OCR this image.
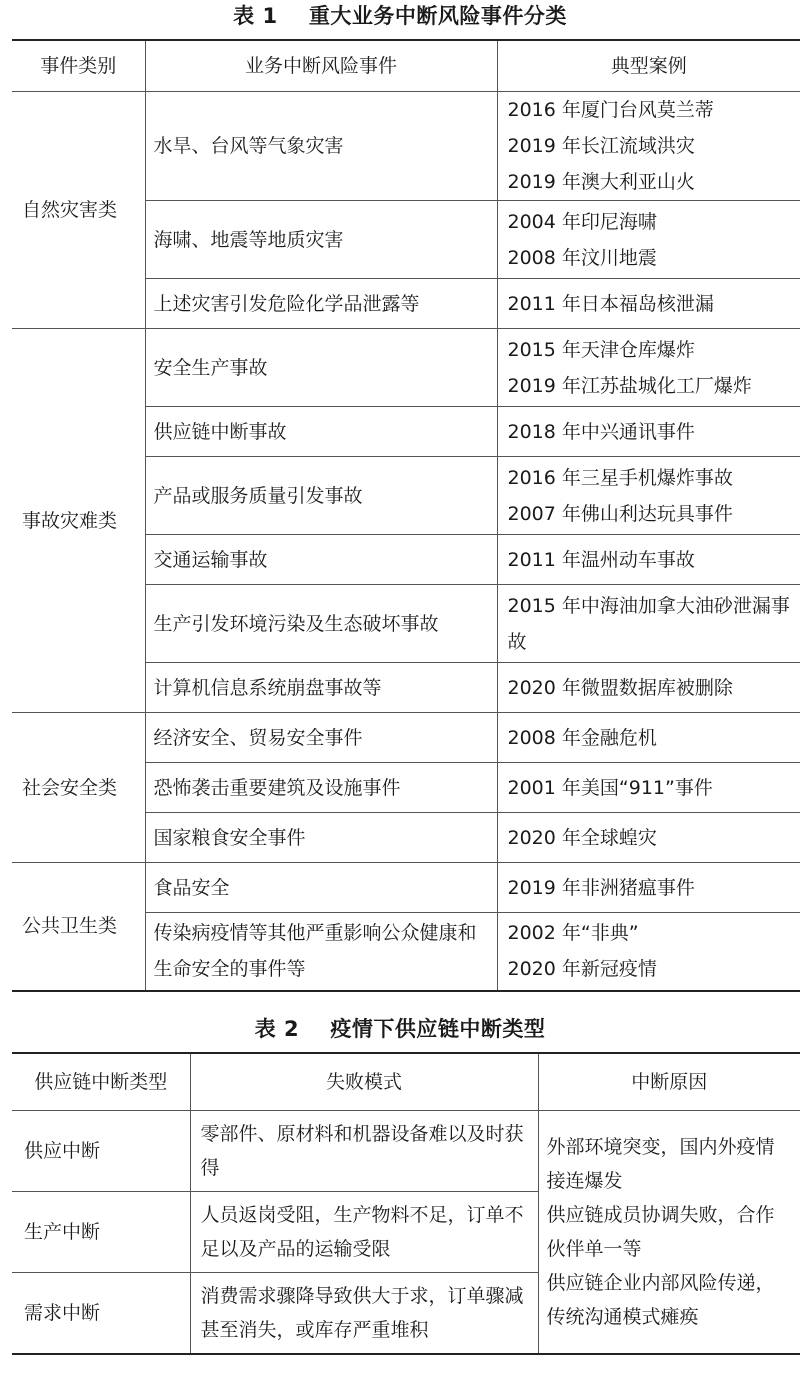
表 1    重大业务中断风险事件分类
事件类别	业务中断风险事件	典型案例
自然灾害类	水旱、台风等气象灾害	2016 年厦门台风莫兰蒂
2019 年长江流域洪灾
2019 年澳大利亚山火

	海啸、地震等地质灾害	2004 年印尼海啸
2008 年汶川地震

	上述灾害引发危险化学品泄露等	2011 年日本福岛核泄漏
事故灾难类	安全生产事故	2015 年天津仓库爆炸
2019 年江苏盐城化工厂爆炸

	供应链中断事故	2018 年中兴通讯事件
	产品或服务质量引发事故	2016 年三星手机爆炸事故
2007 年佛山利达玩具事件

	交通运输事故	2011 年温州动车事故
	生产引发环境污染及生态破坏事故	2015 年中海油加拿大油砂泄漏事故
	计算机信息系统崩盘事故等	2020 年微盟数据库被删除
社会安全类	经济安全、贸易安全事件	2008 年金融危机
	恐怖袭击重要建筑及设施事件	2001 年美国“911”事件
	国家粮食安全事件	2020 年全球蝗灾
公共卫生类	食品安全	2019 年非洲猪瘟事件
	传染病疫情等其他严重影响公众健康和生命安全的事件等	2002 年“非典”
2020 年新冠疫情
表 2    疫情下供应链中断类型
供应链中断类型	失败模式	中断原因
供应中断	零部件、原材料和机器设备难以及时获得	外部环境突变，国内外疫情接连爆发
供应链成员协调失败，合作伙伴单一等
供应链企业内部风险传递，传统沟通模式瘫痪

生产中断	人员返岗受阻，生产物料不足，订单不足以及产品的运输受限	
需求中断	消费需求骤降导致供大于求，订单骤减甚至消失，或库存严重堆积	
